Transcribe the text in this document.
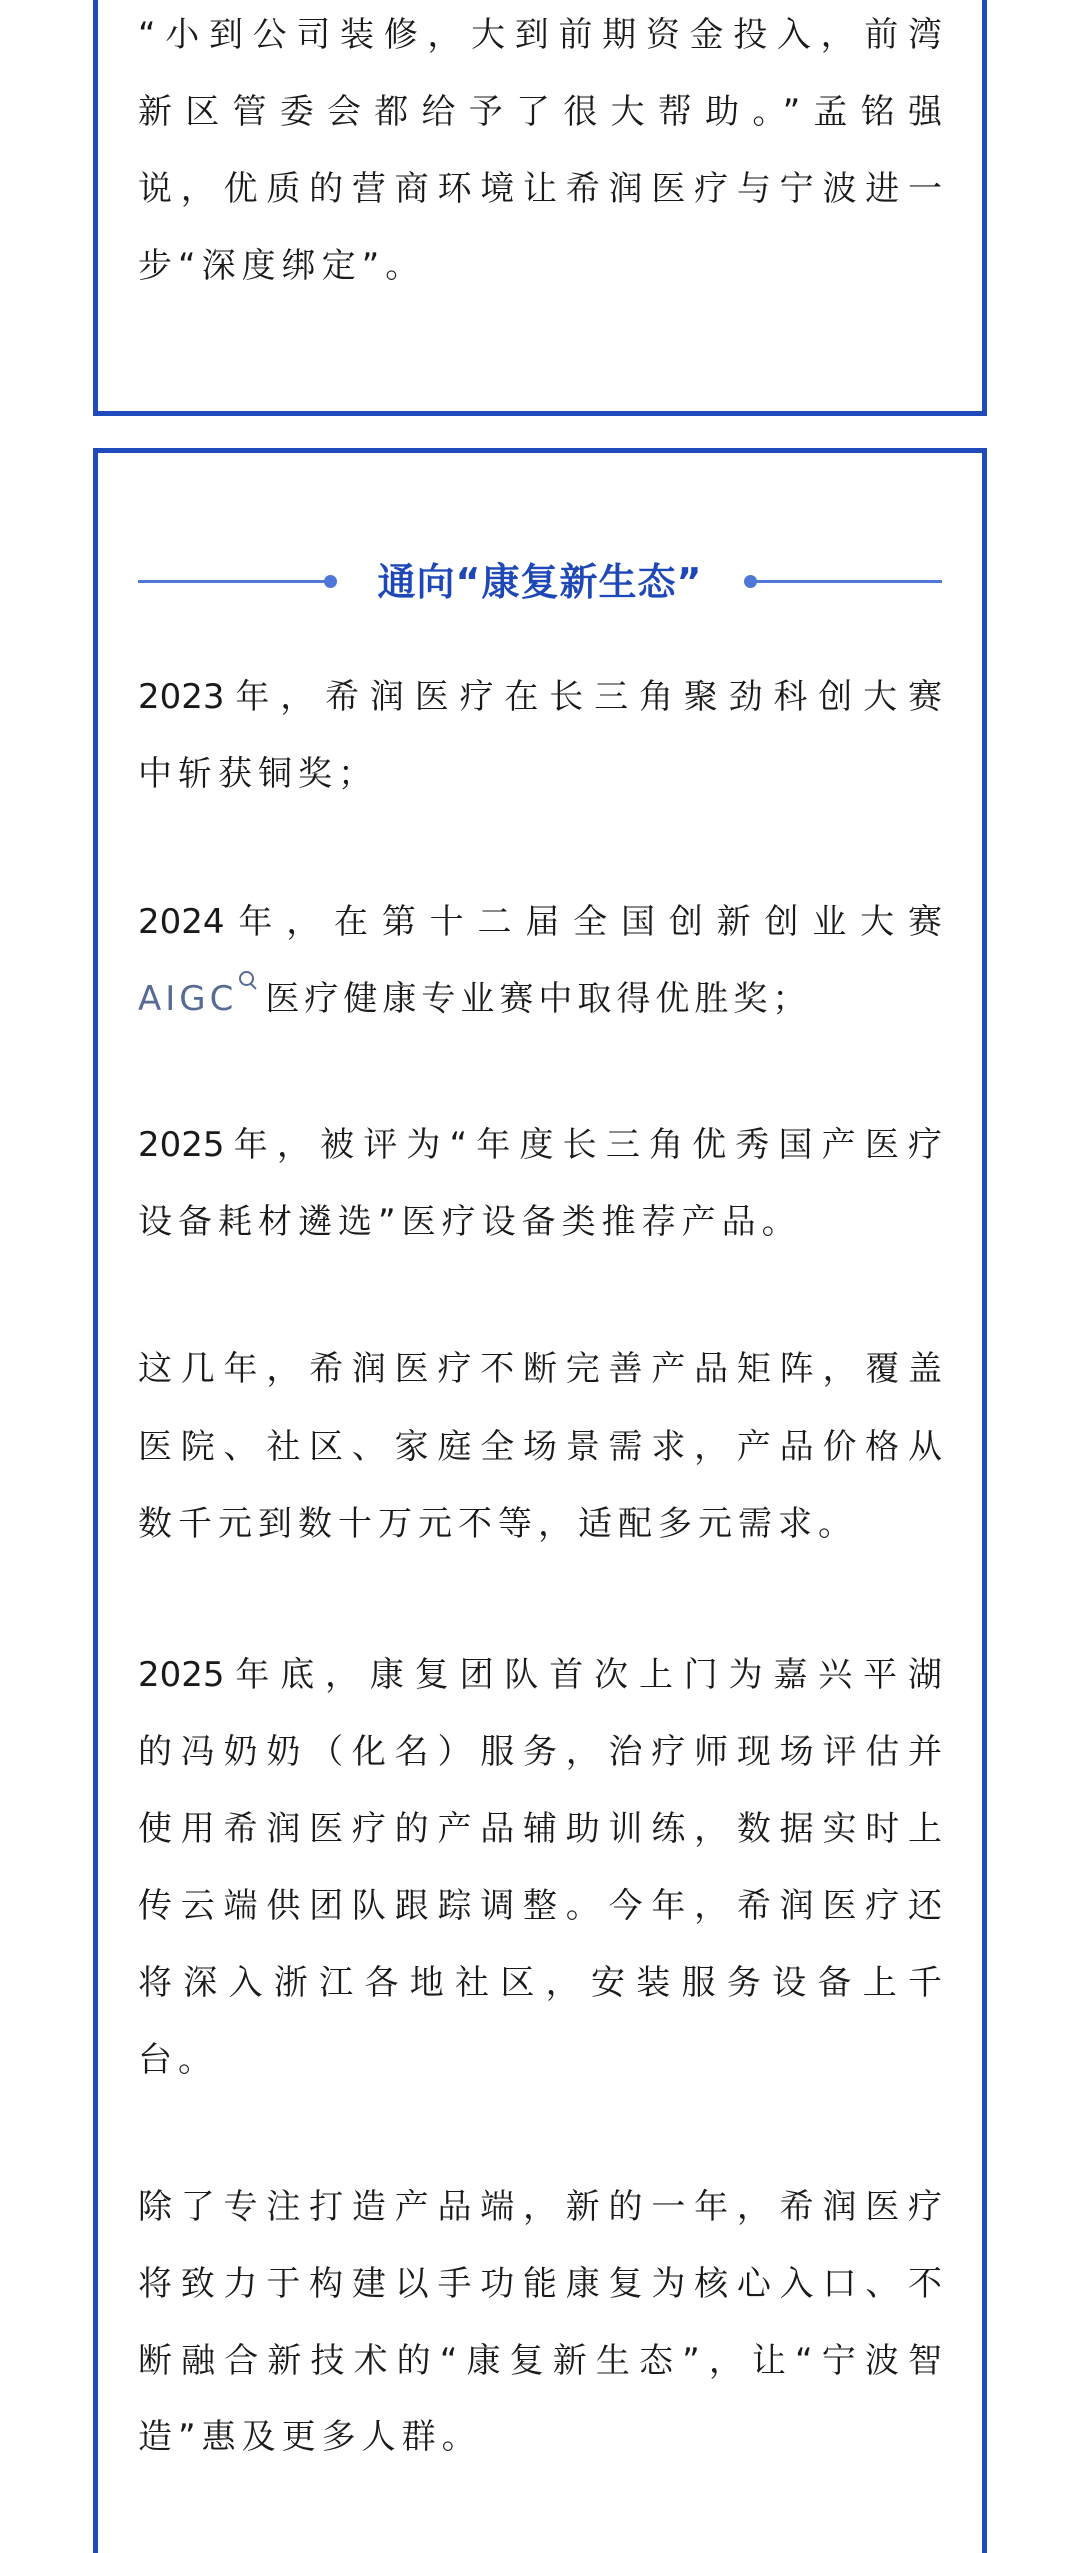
“小到公司装修，大到前期资金投入，前湾
新区管委会都给予了很大帮助。”孟铭强
说，优质的营商环境让希润医疗与宁波进一
步“深度绑定”。
通向“康复新生态”
2023年，希润医疗在长三角聚劲科创大赛
中斩获铜奖；
2024年，在第十二届全国创新创业大赛
AIGC 医疗健康专业赛中取得优胜奖；
2025年，被评为“年度长三角优秀国产医疗
设备耗材遴选”医疗设备类推荐产品。
这几年，希润医疗不断完善产品矩阵，覆盖
医院、社区、家庭全场景需求，产品价格从
数千元到数十万元不等，适配多元需求。
2025年底，康复团队首次上门为嘉兴平湖
的冯奶奶（化名）服务，治疗师现场评估并
使用希润医疗的产品辅助训练，数据实时上
传云端供团队跟踪调整。今年，希润医疗还
将深入浙江各地社区，安装服务设备上千
台。
除了专注打造产品端，新的一年，希润医疗
将致力于构建以手功能康复为核心入口、不
断融合新技术的“康复新生态”，让“宁波智
造”惠及更多人群。
